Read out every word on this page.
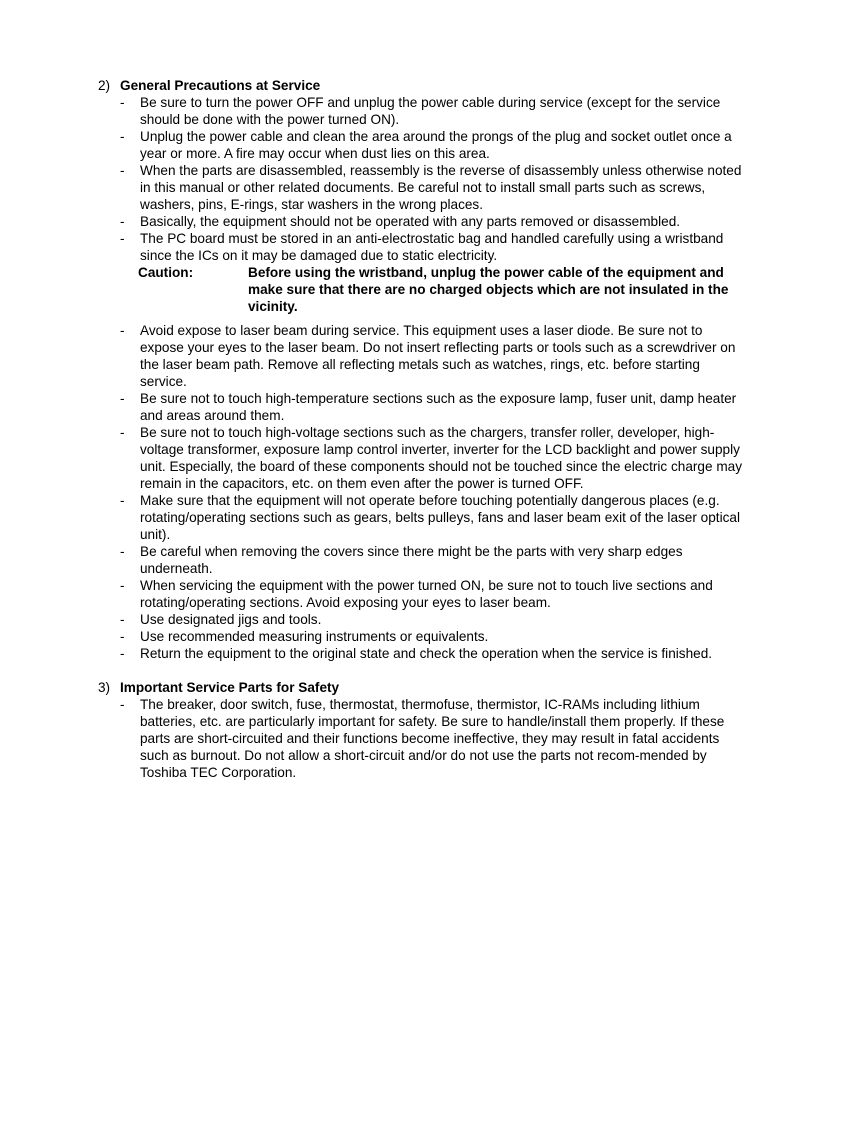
2) General Precautions at Service
- Be sure to turn the power OFF and unplug the power cable during service (except for the service should be done with the power turned ON).
- Unplug the power cable and clean the area around the prongs of the plug and socket outlet once a year or more. A fire may occur when dust lies on this area.
- When the parts are disassembled, reassembly is the reverse of disassembly unless otherwise noted in this manual or other related documents. Be careful not to install small parts such as screws, washers, pins, E-rings, star washers in the wrong places.
- Basically, the equipment should not be operated with any parts removed or disassembled.
- The PC board must be stored in an anti-electrostatic bag and handled carefully using a wristband since the ICs on it may be damaged due to static electricity.
Caution:	Before using the wristband, unplug the power cable of the equipment and make sure that there are no charged objects which are not insulated in the vicinity.
- Avoid expose to laser beam during service. This equipment uses a laser diode. Be sure not to expose your eyes to the laser beam. Do not insert reflecting parts or tools such as a screwdriver on the laser beam path. Remove all reflecting metals such as watches, rings, etc. before starting service.
- Be sure not to touch high-temperature sections such as the exposure lamp, fuser unit, damp heater and areas around them.
- Be sure not to touch high-voltage sections such as the chargers, transfer roller, developer, high-voltage transformer, exposure lamp control inverter, inverter for the LCD backlight and power supply unit. Especially, the board of these components should not be touched since the electric charge may remain in the capacitors, etc. on them even after the power is turned OFF.
- Make sure that the equipment will not operate before touching potentially dangerous places (e.g. rotating/operating sections such as gears, belts pulleys, fans and laser beam exit of the laser optical unit).
- Be careful when removing the covers since there might be the parts with very sharp edges underneath.
- When servicing the equipment with the power turned ON, be sure not to touch live sections and rotating/operating sections. Avoid exposing your eyes to laser beam.
- Use designated jigs and tools.
- Use recommended measuring instruments or equivalents.
- Return the equipment to the original state and check the operation when the service is finished.
3) Important Service Parts for Safety
- The breaker, door switch, fuse, thermostat, thermofuse, thermistor, IC-RAMs including lithium batteries, etc. are particularly important for safety. Be sure to handle/install them properly. If these parts are short-circuited and their functions become ineffective, they may result in fatal accidents such as burnout. Do not allow a short-circuit and/or do not use the parts not recom-mended by Toshiba TEC Corporation.
